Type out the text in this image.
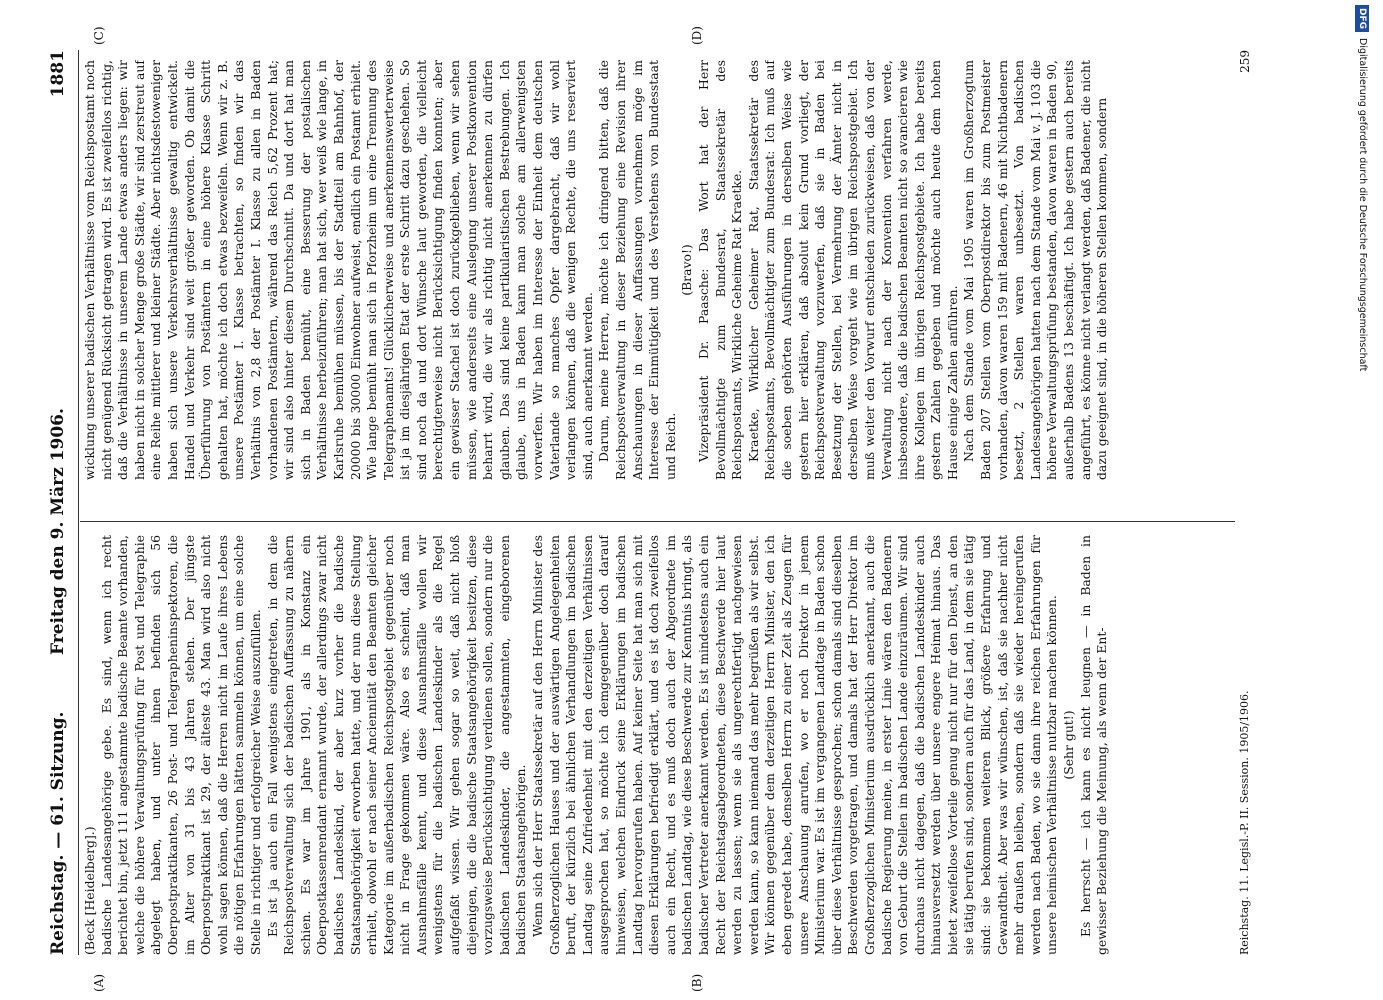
Reichstag. — 61. Sitzung.
Freitag den 9. März 1906.
1881
(A)	(B)
(C)	(D)

(Beck [Heidelberg].) badische Landesangehörige gebe. Es sind, wenn ich recht berichtet bin, jetzt 111 angestammte badische Beamte vorhanden, welche die höhere Verwaltungsprüfung für Post und Telegraphie abgelegt haben, und unter ihnen befinden sich 56 Oberpostpraktikanten, 26 Post- und Telegrapheninspektoren, die im Alter von 31 bis 43 Jahren stehen. Der jüngste Oberpostpraktikant ist 29, der älteste 43. Man wird also nicht wohl sagen können, daß die Herren nicht im Laufe ihres Lebens die nötigen Erfahrungen hätten sammeln können, um eine solche Stelle in richtiger und erfolgreicher Weise auszufüllen. Es ist ja auch ein Fall wenigstens eingetreten, in dem die Reichspostverwaltung sich der badischen Auffassung zu nähern schien. Es war im Jahre 1901, als in Konstanz ein Oberpostkassenrendant ernannt wurde, der allerdings zwar nicht badisches Landeskind, der aber kurz vorher die badische Staatsangehörigkeit erworben hatte, und der nun diese Stellung erhielt, obwohl er nach seiner Anciennität den Beamten gleicher Kategorie im außerbadischen Reichspostgebiet gegenüber noch nicht in Frage gekommen wäre. Also es scheint, daß man Ausnahmsfälle kennt, und diese Ausnahmsfälle wollen wir wenigstens für die badischen Landeskinder als die Regel aufgefaßt wissen. Wir gehen sogar so weit, daß nicht bloß diejenigen, die die badische Staatsangehörigkeit besitzen, diese vorzugsweise Berücksichtigung verdienen sollen, sondern nur die badischen Landeskinder, die angestammten, eingeborenen badischen Staatsangehörigen. Wenn sich der Herr Staatssekretär auf den Herrn Minister des Großherzoglichen Hauses und der auswärtigen Angelegenheiten beruft, der kürzlich bei ähnlichen Verhandlungen im badischen Landtag seine Zufriedenheit mit den derzeitigen Verhältnissen ausgesprochen hat, so möchte ich demgegenüber doch darauf hinweisen, welchen Eindruck seine Erklärungen im badischen Landtag hervorgerufen haben. Auf keiner Seite hat man sich mit diesen Erklärungen befriedigt erklärt, und es ist doch zweifellos auch ein Recht, und es muß doch auch der Abgeordnete im badischen Landtag, wie diese Beschwerde zur Kenntnis bringt, als badischer Vertreter anerkannt werden. Es ist mindestens auch ein Recht der Reichstagsabgeordneten, diese Beschwerde hier laut werden zu lassen; wenn sie als ungerechtfertigt nachgewiesen werden kann, so kann niemand das mehr begrüßen als wir selbst. Wir können gegenüber dem derzeitigen Herrn Minister, den ich eben geredet habe, denselben Herrn zu einer Zeit als Zeugen für unsere Anschauung anrufen, wo er noch Direktor in jenem Ministerium war. Es ist im vergangenen Landtage in Baden schon über diese Verhältnisse gesprochen; schon damals sind dieselben Beschwerden vorgetragen, und damals hat der Herr Direktor im Großherzoglichen Ministerium ausdrücklich anerkannt, auch die badische Regierung meine, in erster Linie wären den Badenern von Geburt die Stellen im badischen Lande einzuräumen. Wir sind durchaus nicht dagegen, daß die badischen Landeskinder auch hinausversetzt werden über unsere engere Heimat hinaus. Das bietet zweifellose Vorteile genug nicht nur für den Dienst, an den sie tätig berufen sind, sondern auch für das Land, in dem sie tätig sind: sie bekommen weiteren Blick, größere Erfahrung und Gewandtheit. Aber was wir wünschen, ist, daß sie nachher nicht mehr draußen bleiben, sondern daß sie wieder hereingerufen werden nach Baden, wo sie dann ihre reichen Erfahrungen für unsere heimischen Verhältnisse nutzbar machen können. (Sehr gut!) Es herrscht — ich kann es nicht leugnen — in Baden in gewisser Beziehung die Meinung, als wenn der Ent-

wicklung unserer badischen Verhältnisse vom Reichspostamt noch nicht genügend Rücksicht getragen wird. Es ist zweifellos richtig, daß die Verhältnisse in unserem Lande etwas anders liegen: wir haben nicht in solcher Menge große Städte, wir sind zerstreut auf eine Reihe mittlerer und kleiner Städte. Aber nichtsdestoweniger haben sich unsere Verkehrsverhältnisse gewaltig entwickelt. Handel und Verkehr sind weit größer geworden. Ob damit die Überführung von Postämtern in eine höhere Klasse Schritt gehalten hat, möchte ich doch etwas bezweifeln. Wenn wir z. B. unsere Postämter I. Klasse betrachten, so finden wir das Verhältnis von 2,8 der Postämter I. Klasse zu allen in Baden vorhandenen Postämtern, während das Reich 5,62 Prozent hat; wir sind also hinter diesem Durchschnitt. Da und dort hat man sich in Baden bemüht, eine Besserung der postalischen Verhältnisse herbeizuführen; man hat sich, wer weiß wie lange, in Karlsruhe bemühen müssen, bis der Stadtteil am Bahnhof, der 20000 bis 30000 Einwohner aufweist, endlich ein Postamt erhielt. Wie lange bemüht man sich in Pforzheim um eine Trennung des Telegraphenamts! Glücklicherweise und anerkennenswerterweise ist ja im diesjährigen Etat der erste Schritt dazu geschehen. So sind noch da und dort Wünsche laut geworden, die vielleicht berechtigterweise nicht Berücksichtigung finden konnten; aber ein gewisser Stachel ist doch zurückgeblieben, wenn wir sehen müssen, wie anderseits eine Auslegung unserer Postkonvention beharrt wird, die wir als richtig nicht anerkennen zu dürfen glauben. Das sind keine partikularistischen Bestrebungen. Ich glaube, uns in Baden kann man solche am allerwenigsten vorwerfen. Wir haben im Interesse der Einheit dem deutschen Vaterlande so manches Opfer dargebracht, daß wir wohl verlangen können, daß die wenigen Rechte, die uns reserviert sind, auch anerkannt werden. Darum, meine Herren, möchte ich dringend bitten, daß die Reichspostverwaltung in dieser Beziehung eine Revision ihrer Anschauungen in dieser Auffassungen vornehmen möge im Interesse der Einmütigkeit und des Verstehens von Bundesstaat und Reich.

(Bravo!) Vizepräsident Dr. Paasche: Das Wort hat der Herr Bevollmächtigte zum Bundesrat, Staatssekretär des Reichspostamts, Wirkliche Geheime Rat Kraetke. Kraetke, Wirklicher Geheimer Rat, Staatssekretär des Reichspostamts, Bevollmächtigter zum Bundesrat: Ich muß auf die soeben gehörten Ausführungen in derselben Weise wie gestern hier erklären, daß absolut kein Grund vorliegt, der Reichspostverwaltung vorzuwerfen, daß sie in Baden bei Besetzung der Stellen, bei Vermehrung der Ämter nicht in derselben Weise vorgeht wie im übrigen Reichspostgebiet. Ich muß weiter den Vorwurf entschieden zurückweisen, daß von der Verwaltung nicht nach der Konvention verfahren werde, insbesondere, daß die badischen Beamten nicht so avancieren wie ihre Kollegen im übrigen Reichspostgebiete. Ich habe bereits gestern Zahlen gegeben und möchte auch heute dem hohen Hause einige Zahlen anführen. Nach dem Stande vom Mai 1905 waren im Großherzogtum Baden 207 Stellen vom Oberpostdirektor bis zum Postmeister vorhanden, davon waren 159 mit Badenern, 46 mit Nichtbadenern besetzt, 2 Stellen waren unbesetzt. Von badischen Landesangehörigen hatten nach dem Stande vom Mai v. J. 103 die höhere Verwaltungsprüfung bestanden, davon waren in Baden 90, außerhalb Badens 13 beschäftigt. Ich habe gestern auch bereits angeführt, es könne nicht verlangt werden, daß Badener, die nicht dazu geeignet sind, in die höheren Stellen kommen, sondern

Reichstag. 11. Legisl.-P. II. Session. 1905/1906.
259
DFGDigitalisierung gefördert durch die Deutsche Forschungsgemeinschaft
